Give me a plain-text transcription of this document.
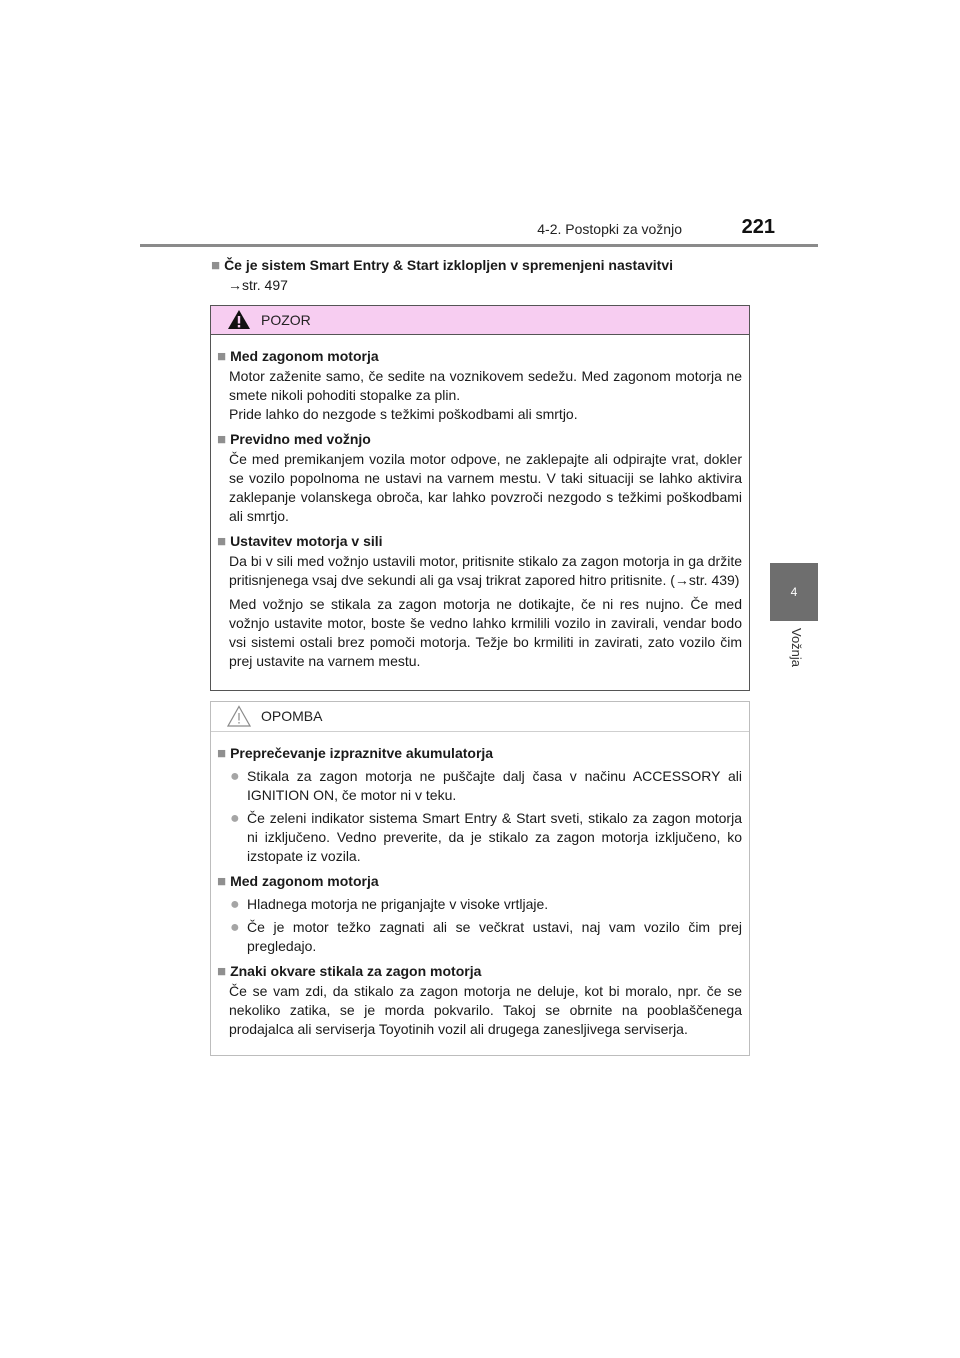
4-2. Postopki za vožnjo	221
4
Vožnja
■ Če je sistem Smart Entry & Start izklopljen v spremenjeni nastavitvi
→str. 497
POZOR
■ Med zagonom motorja
Motor zaženite samo, če sedite na voznikovem sedežu. Med zagonom motorja ne smete nikoli pohoditi stopalke za plin.
Pride lahko do nezgode s težkimi poškodbami ali smrtjo.
■ Previdno med vožnjo
Če med premikanjem vozila motor odpove, ne zaklepajte ali odpirajte vrat, dokler se vozilo popolnoma ne ustavi na varnem mestu. V taki situaciji se lahko aktivira zaklepanje volanskega obroča, kar lahko povzroči nezgodo s težkimi poškodbami ali smrtjo.
■ Ustavitev motorja v sili
Da bi v sili med vožnjo ustavili motor, pritisnite stikalo za zagon motorja in ga držite pritisnjenega vsaj dve sekundi ali ga vsaj trikrat zapored hitro pritisnite. (→str. 439)
Med vožnjo se stikala za zagon motorja ne dotikajte, če ni res nujno. Če med vožnjo ustavite motor, boste še vedno lahko krmilili vozilo in zavirali, vendar bodo vsi sistemi ostali brez pomoči motorja. Težje bo krmiliti in zavirati, zato vozilo čim prej ustavite na varnem mestu.
OPOMBA
■ Preprečevanje izpraznitve akumulatorja
● Stikala za zagon motorja ne puščajte dalj časa v načinu ACCESSORY ali IGNITION ON, če motor ni v teku.
● Če zeleni indikator sistema Smart Entry & Start sveti, stikalo za zagon motorja ni izključeno. Vedno preverite, da je stikalo za zagon motorja izključeno, ko izstopate iz vozila.
■ Med zagonom motorja
● Hladnega motorja ne priganjajte v visoke vrtljaje.
● Če je motor težko zagnati ali se večkrat ustavi, naj vam vozilo čim prej pregledajo.
■ Znaki okvare stikala za zagon motorja
Če se vam zdi, da stikalo za zagon motorja ne deluje, kot bi moralo, npr. če se nekoliko zatika, se je morda pokvarilo. Takoj se obrnite na pooblaščenega prodajalca ali serviserja Toyotinih vozil ali drugega zanesljivega serviserja.
